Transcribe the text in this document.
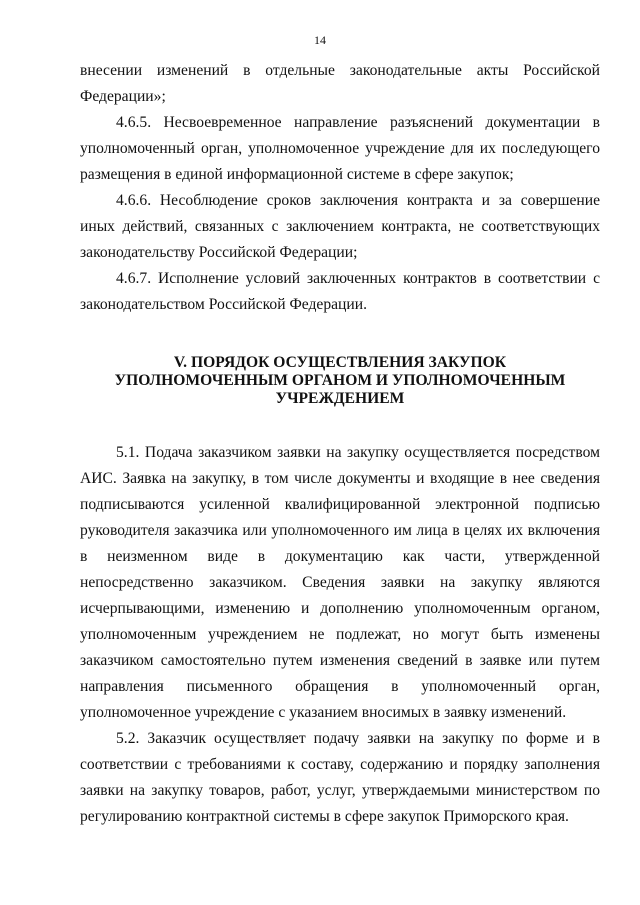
14

внесении изменений в отдельные законодательные акты Российской Федерации»;

4.6.5. Несвоевременное направление разъяснений документации в уполномоченный орган, уполномоченное учреждение для их последующего размещения в единой информационной системе в сфере закупок;

4.6.6. Несоблюдение сроков заключения контракта и за совершение иных действий, связанных с заключением контракта, не соответствующих законодательству Российской Федерации;

4.6.7. Исполнение условий заключенных контрактов в соответствии с законодательством Российской Федерации.

V. ПОРЯДОК ОСУЩЕСТВЛЕНИЯ ЗАКУПОК
УПОЛНОМОЧЕННЫМ ОРГАНОМ И УПОЛНОМОЧЕННЫМ
УЧРЕЖДЕНИЕМ

5.1. Подача заказчиком заявки на закупку осуществляется посредством АИС. Заявка на закупку, в том числе документы и входящие в нее сведения подписываются усиленной квалифицированной электронной подписью руководителя заказчика или уполномоченного им лица в целях их включения в неизменном виде в документацию как части, утвержденной непосредственно заказчиком. Сведения заявки на закупку являются исчерпывающими, изменению и дополнению уполномоченным органом, уполномоченным учреждением не подлежат, но могут быть изменены заказчиком самостоятельно путем изменения сведений в заявке или путем направления письменного обращения в уполномоченный орган, уполномоченное учреждение с указанием вносимых в заявку изменений.

5.2. Заказчик осуществляет подачу заявки на закупку по форме и в соответствии с требованиями к составу, содержанию и порядку заполнения заявки на закупку товаров, работ, услуг, утверждаемыми министерством по регулированию контрактной системы в сфере закупок Приморского края.
